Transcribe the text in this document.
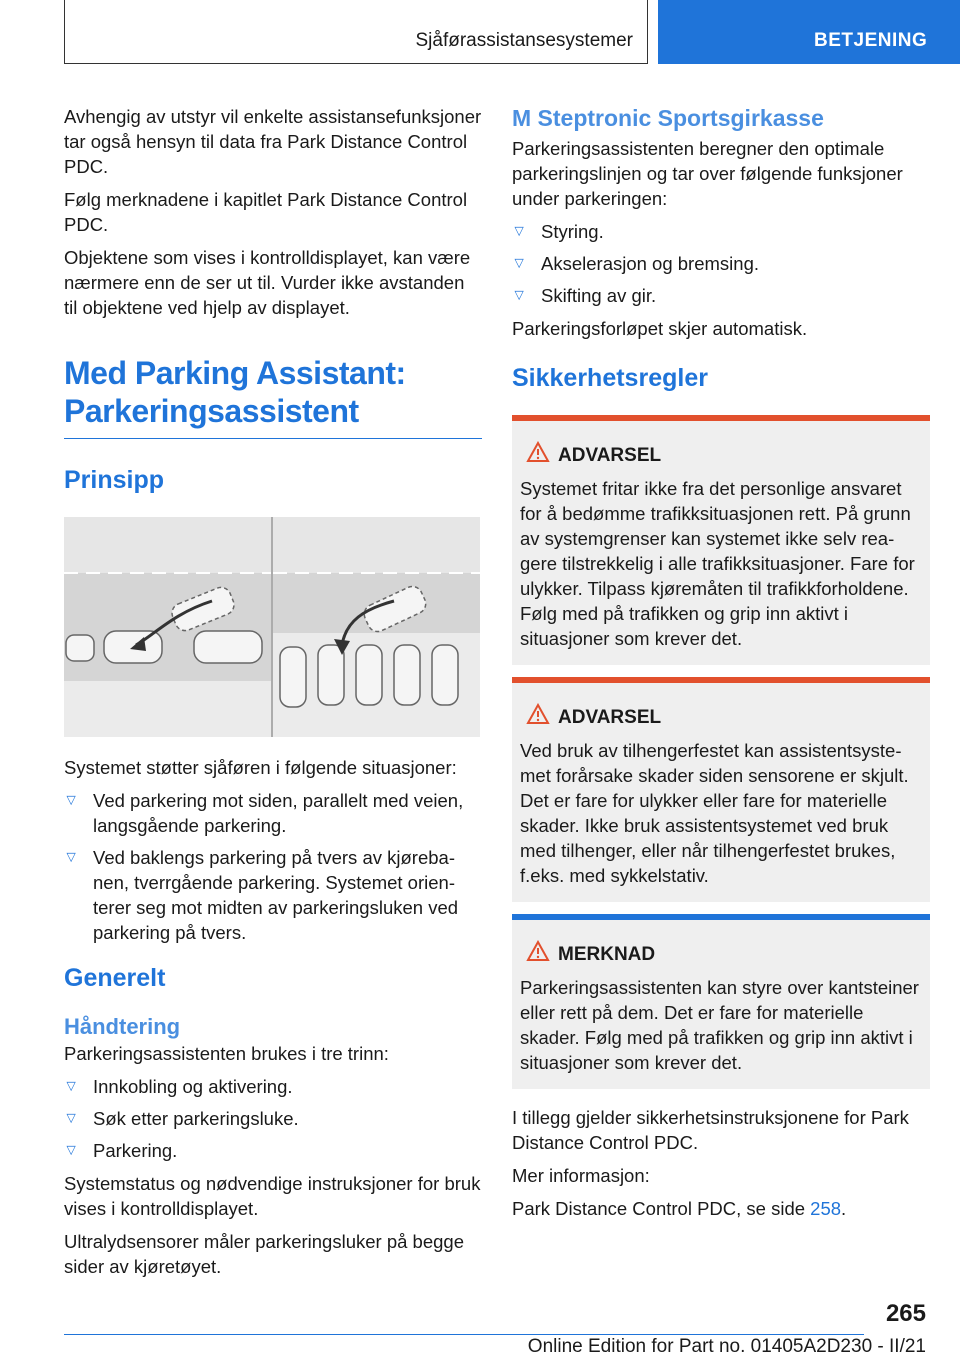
Sjåførassistansesystemer	BETJENING

Avhengig av utstyr vil enkelte assistansefunksjoner tar også hensyn til data fra Park Distance Control PDC.

Følg merknadene i kapitlet Park Distance Control PDC.

Objektene som vises i kontrolldisplayet, kan være nærmere enn de ser ut til. Vurder ikke avstanden til objektene ved hjelp av displayet.

Med Parking Assistant: Parkeringsassistent
Prinsipp

Systemet støtter sjåføren i følgende situasjoner:

▷ Ved parkering mot siden, parallelt med veien, langsgående parkering.
▷ Ved baklengs parkering på tvers av kjørebanen, tverrgående parkering. Systemet orienterer seg mot midten av parkeringsluken ved parkering på tvers.
Generelt
Håndtering

Parkeringsassistenten brukes i tre trinn:

▷ Innkobling og aktivering.
▷ Søk etter parkeringsluke.
▷ Parkering.

Systemstatus og nødvendige instruksjoner for bruk vises i kontrolldisplayet.

Ultralydsensorer måler parkeringsluker på begge sider av kjøretøyet.

M Steptronic Sportsgirkasse

Parkeringsassistenten beregner den optimale parkeringslinjen og tar over følgende funksjoner under parkeringen:

▷ Styring.
▷ Akselerasjon og bremsing.
▷ Skifting av gir.

Parkeringsforløpet skjer automatisk.

Sikkerhetsregler
ADVARSEL
Systemet fritar ikke fra det personlige ansvaret for å bedømme trafikksituasjonen rett. På grunn av systemgrenser kan systemet ikke selv reagere tilstrekkelig i alle trafikksituasjoner. Fare for ulykker. Tilpass kjøremåten til trafikkforholdene. Følg med på trafikken og grip inn aktivt i situasjoner som krever det.
ADVARSEL
Ved bruk av tilhengerfestet kan assistentsystemet forårsake skader siden sensorene er skjult. Det er fare for ulykker eller fare for materielle skader. Ikke bruk assistentsystemet ved bruk med tilhenger, eller når tilhengerfestet brukes, f.eks. med sykkelstativ.
MERKNAD
Parkeringsassistenten kan styre over kantsteiner eller rett på dem. Det er fare for materielle skader. Følg med på trafikken og grip inn aktivt i situasjoner som krever det.

I tillegg gjelder sikkerhetsinstruksjonene for Park Distance Control PDC.

Mer informasjon:

Park Distance Control PDC, se side 258.

265
Online Edition for Part no. 01405A2D230 - II/21
